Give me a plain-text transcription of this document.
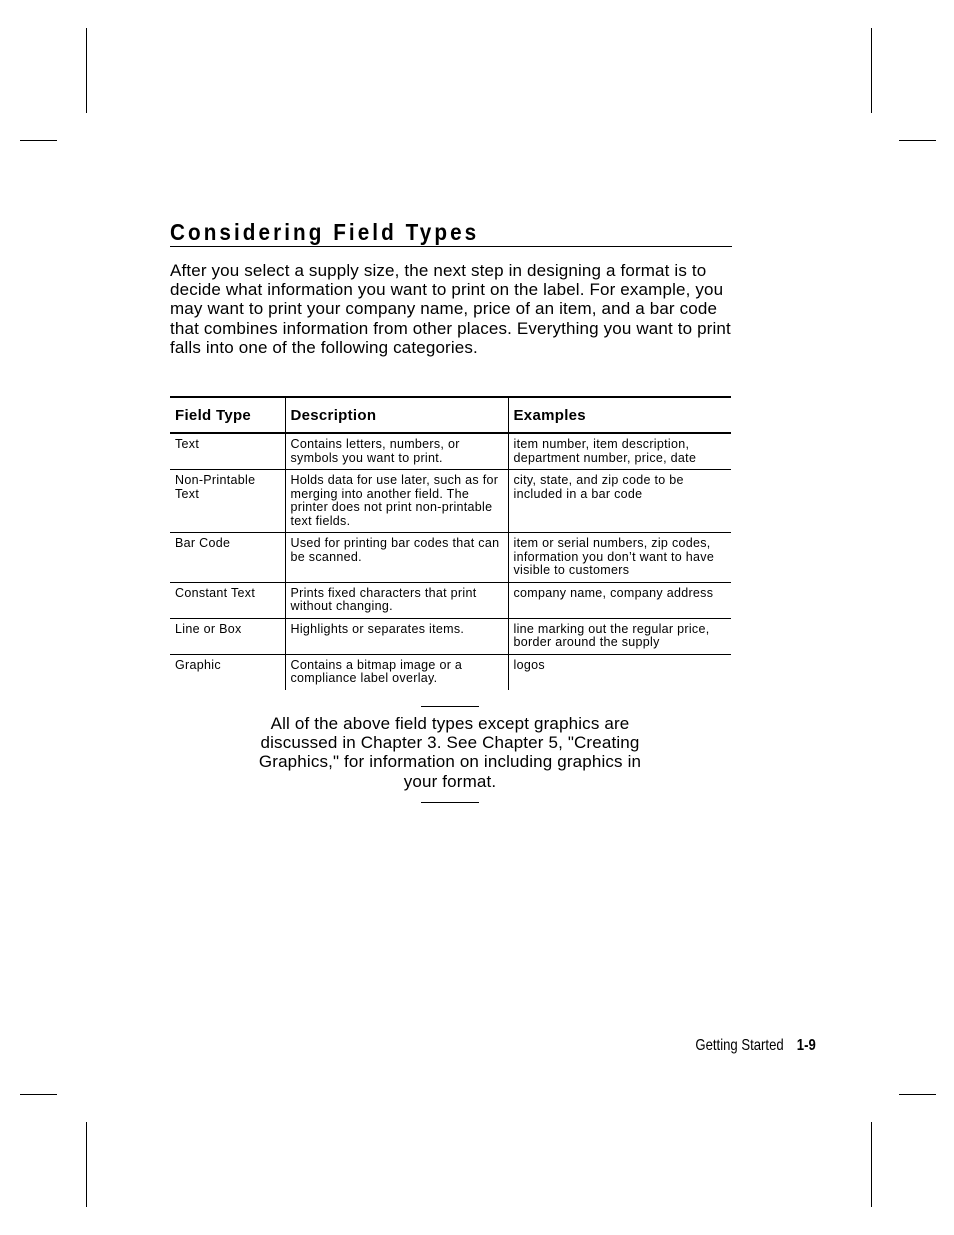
Considering Field Types

After you select a supply size, the next step in designing a format is to decide what information you want to print on the label. For example, you may want to print your company name, price of an item, and a bar code that combines information from other places. Everything you want to print falls into one of the following categories.

Field Type	Description	Examples
Text	Contains letters, numbers, or symbols you want to print.	item number, item description, department number, price, date
Non-Printable Text	Holds data for use later, such as for merging into another field. The printer does not print non-printable text fields.	city, state, and zip code to be included in a bar code
Bar Code	Used for printing bar codes that can be scanned.	item or serial numbers, zip codes, information you don’t want to have visible to customers
Constant Text	Prints fixed characters that print without changing.	company name, company address
Line or Box	Highlights or separates items.	line marking out the regular price, border around the supply
Graphic	Contains a bitmap image or a compliance label overlay.	logos

All of the above field types except graphics are discussed in Chapter 3. See Chapter 5, "Creating Graphics," for information on including graphics in your format.

Getting Started 1-9
